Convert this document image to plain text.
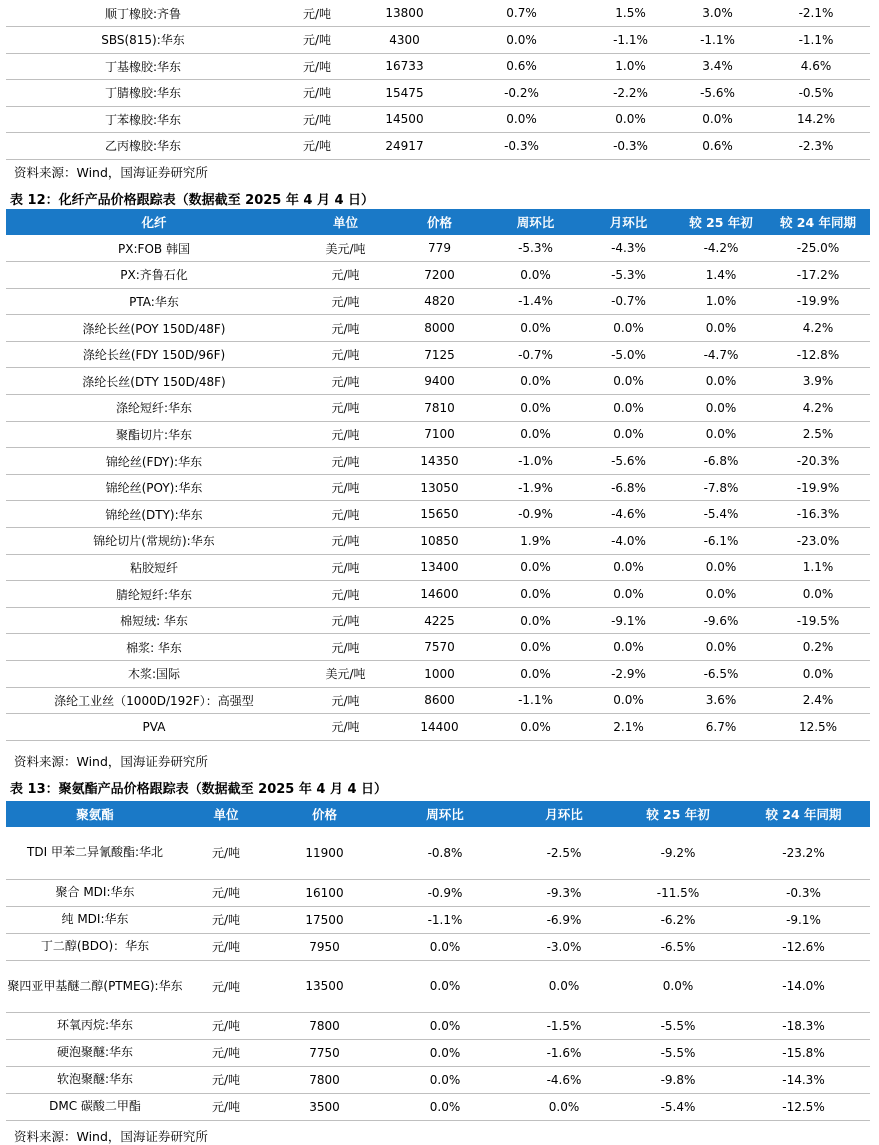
顺丁橡胶:齐鲁	元/吨	13800	0.7%	1.5%	3.0%	-2.1%
SBS(815):华东	元/吨	4300	0.0%	-1.1%	-1.1%	-1.1%
丁基橡胶:华东	元/吨	16733	0.6%	1.0%	3.4%	4.6%
丁腈橡胶:华东	元/吨	15475	-0.2%	-2.2%	-5.6%	-0.5%
丁苯橡胶:华东	元/吨	14500	0.0%	0.0%	0.0%	14.2%
乙丙橡胶:华东	元/吨	24917	-0.3%	-0.3%	0.6%	-2.3%
资料来源：Wind，国海证券研究所
表 12：化纤产品价格跟踪表（数据截至 2025 年 4 月 4 日）
化纤	单位	价格	周环比	月环比	较 25 年初	较 24 年同期
PX:FOB 韩国	美元/吨	779	-5.3%	-4.3%	-4.2%	-25.0%
PX:齐鲁石化	元/吨	7200	0.0%	-5.3%	1.4%	-17.2%
PTA:华东	元/吨	4820	-1.4%	-0.7%	1.0%	-19.9%
涤纶长丝(POY 150D/48F)	元/吨	8000	0.0%	0.0%	0.0%	4.2%
涤纶长丝(FDY 150D/96F)	元/吨	7125	-0.7%	-5.0%	-4.7%	-12.8%
涤纶长丝(DTY 150D/48F)	元/吨	9400	0.0%	0.0%	0.0%	3.9%
涤纶短纤:华东	元/吨	7810	0.0%	0.0%	0.0%	4.2%
聚酯切片:华东	元/吨	7100	0.0%	0.0%	0.0%	2.5%
锦纶丝(FDY):华东	元/吨	14350	-1.0%	-5.6%	-6.8%	-20.3%
锦纶丝(POY):华东	元/吨	13050	-1.9%	-6.8%	-7.8%	-19.9%
锦纶丝(DTY):华东	元/吨	15650	-0.9%	-4.6%	-5.4%	-16.3%
锦纶切片(常规纺):华东	元/吨	10850	1.9%	-4.0%	-6.1%	-23.0%
粘胶短纤	元/吨	13400	0.0%	0.0%	0.0%	1.1%
腈纶短纤:华东	元/吨	14600	0.0%	0.0%	0.0%	0.0%
棉短绒: 华东	元/吨	4225	0.0%	-9.1%	-9.6%	-19.5%
棉浆: 华东	元/吨	7570	0.0%	0.0%	0.0%	0.2%
木浆:国际	美元/吨	1000	0.0%	-2.9%	-6.5%	0.0%
涤纶工业丝（1000D/192F）：高强型	元/吨	8600	-1.1%	0.0%	3.6%	2.4%
PVA	元/吨	14400	0.0%	2.1%	6.7%	12.5%
资料来源：Wind，国海证券研究所
表 13：聚氨酯产品价格跟踪表（数据截至 2025 年 4 月 4 日）
聚氨酯	单位	价格	周环比	月环比	较 25 年初	较 24 年同期
TDI 甲苯二异氰酸酯:华北	元/吨	11900	-0.8%	-2.5%	-9.2%	-23.2%
聚合 MDI:华东	元/吨	16100	-0.9%	-9.3%	-11.5%	-0.3%
纯 MDI:华东	元/吨	17500	-1.1%	-6.9%	-6.2%	-9.1%
丁二醇(BDO)：华东	元/吨	7950	0.0%	-3.0%	-6.5%	-12.6%
聚四亚甲基醚二醇(PTMEG):华东	元/吨	13500	0.0%	0.0%	0.0%	-14.0%
环氧丙烷:华东	元/吨	7800	0.0%	-1.5%	-5.5%	-18.3%
硬泡聚醚:华东	元/吨	7750	0.0%	-1.6%	-5.5%	-15.8%
软泡聚醚:华东	元/吨	7800	0.0%	-4.6%	-9.8%	-14.3%
DMC 碳酸二甲酯	元/吨	3500	0.0%	0.0%	-5.4%	-12.5%
资料来源：Wind，国海证券研究所
